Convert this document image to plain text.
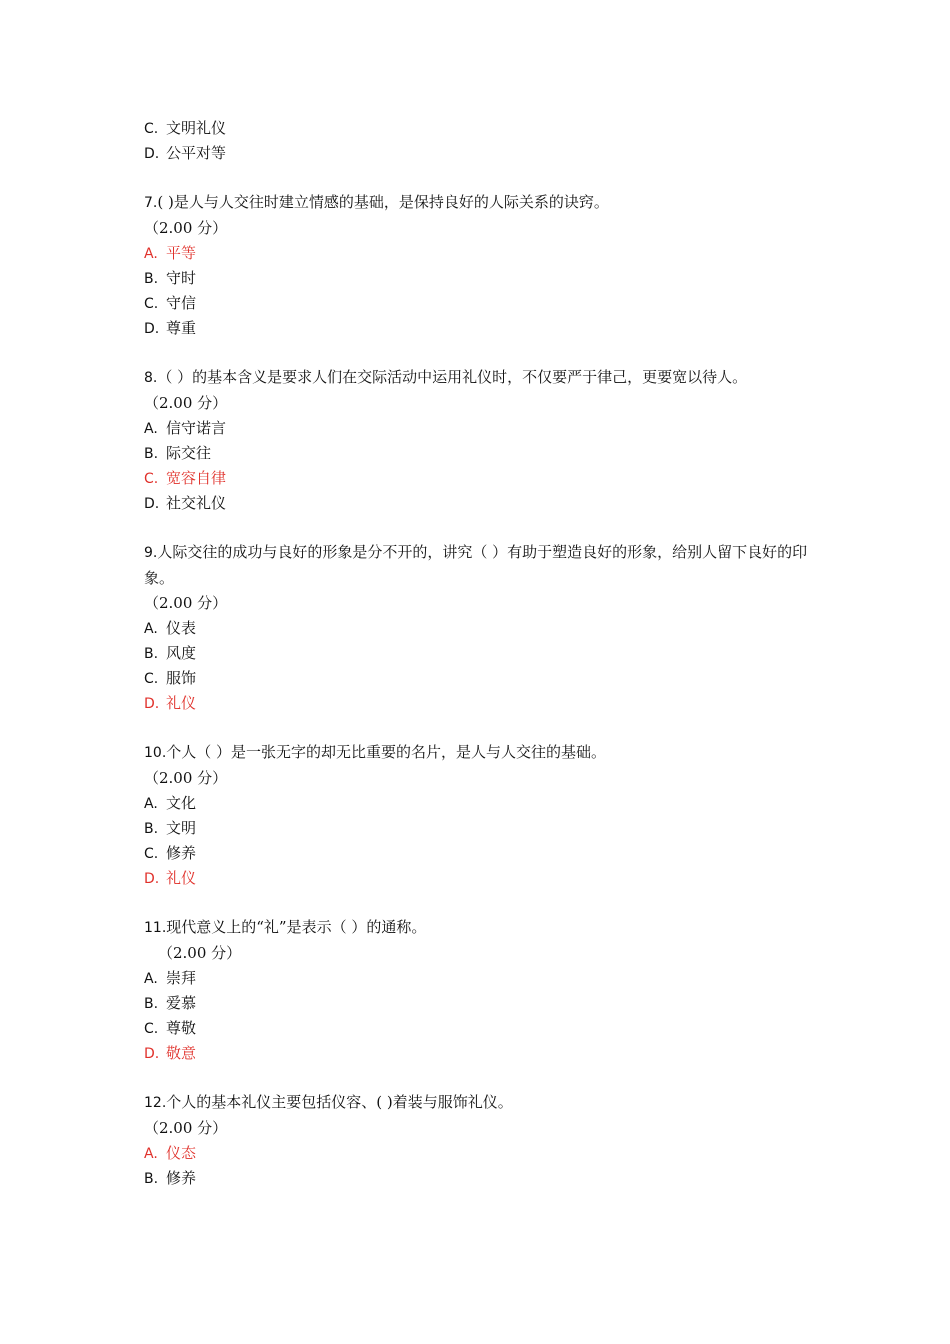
C. 文明礼仪
D. 公平对等
7.( )是人与人交往时建立情感的基础，是保持良好的人际关系的诀窍。
（2.00 分）
A. 平等
B. 守时
C. 守信
D. 尊重
8.（ ）的基本含义是要求人们在交际活动中运用礼仪时，不仅要严于律己，更要宽以待人。
（2.00 分）
A. 信守诺言
B. 际交往
C. 宽容自律
D. 社交礼仪
9.人际交往的成功与良好的形象是分不开的，讲究（ ）有助于塑造良好的形象，给别人留下良好的印象。
（2.00 分）
A. 仪表
B. 风度
C. 服饰
D. 礼仪
10.个人（ ）是一张无字的却无比重要的名片，是人与人交往的基础。
（2.00 分）
A. 文化
B. 文明
C. 修养
D. 礼仪
11.现代意义上的“礼”是表示（ ）的通称。
（2.00 分）
A. 崇拜
B. 爱慕
C. 尊敬
D. 敬意
12.个人的基本礼仪主要包括仪容、( )着装与服饰礼仪。
（2.00 分）
A. 仪态
B. 修养
